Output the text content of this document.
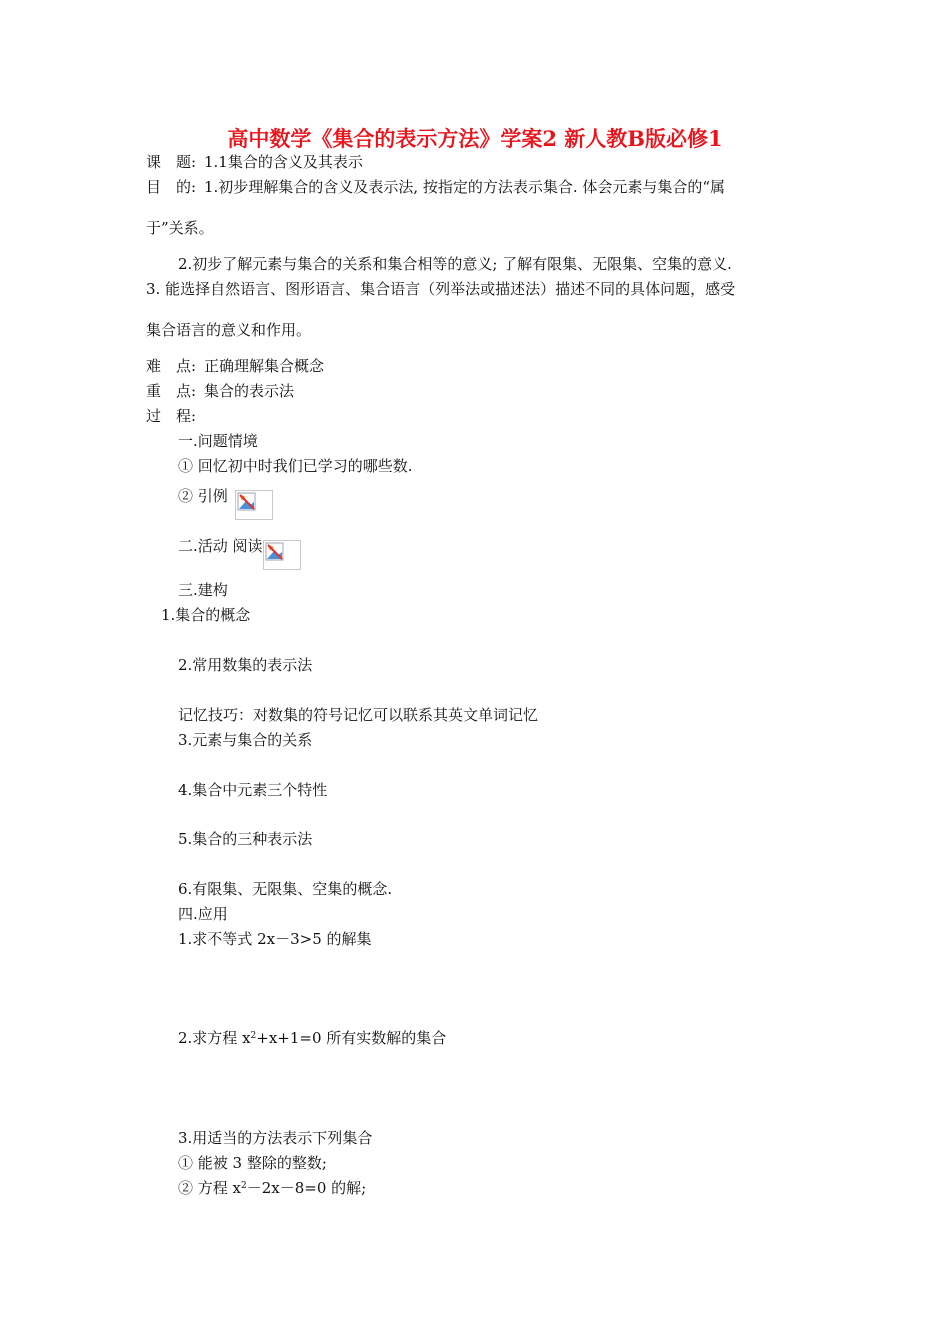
高中数学《集合的表示方法》学案2 新人教B版必修1
课　题: 1.1集合的含义及其表示
目　的: 1.初步理解集合的含义及表示法, 按指定的方法表示集合. 体会元素与集合的“属
于”关系。
2.初步了解元素与集合的关系和集合相等的意义; 了解有限集、无限集、空集的意义.
3. 能选择自然语言、图形语言、集合语言（列举法或描述法）描述不同的具体问题，感受
集合语言的意义和作用。
难　点: 正确理解集合概念
重　点: 集合的表示法
过　程:
一.问题情境
① 回忆初中时我们已学习的哪些数.
② 引例
二.活动 阅读
三.建构
1.集合的概念
2.常用数集的表示法
记忆技巧：对数集的符号记忆可以联系其英文单词记忆
3.元素与集合的关系
4.集合中元素三个特性
5.集合的三种表示法
6.有限集、无限集、空集的概念.
四.应用
1.求不等式 2x－3>5 的解集
2.求方程 $x^2+x+1=0$ 所有实数解的集合
3.用适当的方法表示下列集合
① 能被 3 整除的整数;
② 方程 $x^2-2x-8=0$ 的解;
